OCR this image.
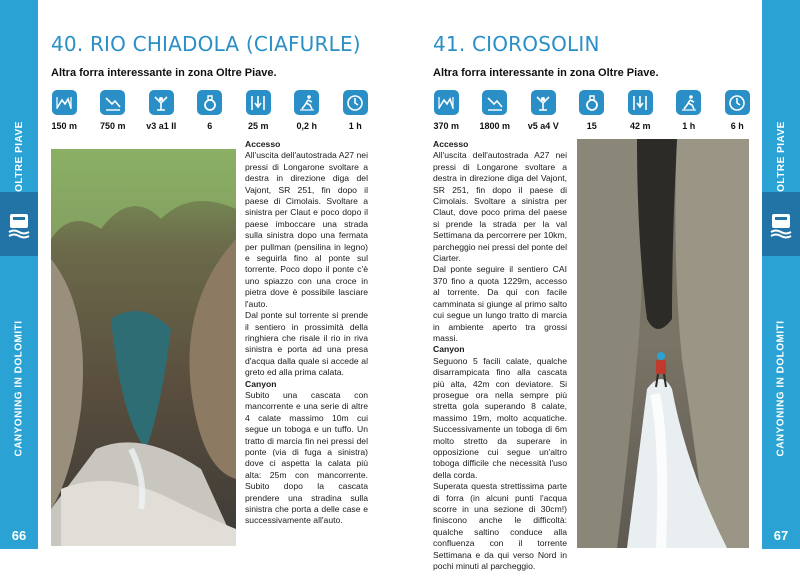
OLTRE PIAVE
CANYONING IN DOLOMITI
66
OLTRE PIAVE
CANYONING IN DOLOMITI
67
40. RIO CHIADOLA (CIAFURLE)
Altra forra interessante in zona Oltre Piave.
150 m	750 m v3 a1 II	6	25 m	0,2 h	1 h

Accesso

All'uscita dell'autostrada A27 nei pressi di Longarone svoltare a destra in direzione diga del Vajont, SR 251, fin dopo il paese di Cimolais. Svoltare a sinistra per Claut e poco dopo il paese imboccare una strada sulla sinistra dopo una fermata per pullman (pensilina in legno) e seguirla fino al ponte sul torrente. Poco dopo il ponte c'è uno spiazzo con una croce in pietra dove è possibile lasciare l'auto.

Dal ponte sul torrente si prende il sentiero in prossimità della ringhiera che risale il rio in riva sinistra e porta ad una presa d'acqua dalla quale si accede al greto ed alla prima calata.

Canyon

Subito una cascata con mancorrente e una serie di altre 4 calate massimo 10m cui segue un toboga e un tuffo. Un tratto di marcia fin nei pressi del ponte (via di fuga a sinistra) dove ci aspetta la calata più alta: 25m con mancorrente. Subito dopo la cascata prendere una stradina sulla sinistra che porta a delle case e successivamente all'auto.

41. CIOROSOLIN
Altra forra interessante in zona Oltre Piave.
370 m 1800 m v5 a4 V	15	42 m	1 h	6 h

Accesso

All'uscita dell'autostrada A27 nei pressi di Longarone svoltare a destra in direzione diga del Vajont, SR 251, fin dopo il paese di Cimolais. Svoltare a sinistra per Claut, dove poco prima del paese si prende la strada per la val Settimana da percorrere per 10km, parcheggio nei pressi del ponte del Ciarter.

Dal ponte seguire il sentiero CAI 370 fino a quota 1229m, accesso al torrente. Da qui con facile camminata si giunge al primo salto cui segue un lungo tratto di marcia in ambiente aperto tra grossi massi.

Canyon

Seguono 5 facili calate, qualche disarrampicata fino alla cascata più alta, 42m con deviatore. Si prosegue ora nella sempre più stretta gola superando 8 calate, massimo 19m, molto acquatiche. Successivamente un toboga di 6m molto stretto da superare in opposizione cui segue un'altro toboga difficile che necessità l'uso della corda.

Superata questa strettissima parte di forra (in alcuni punti l'acqua scorre in una sezione di 30cm!) finiscono anche le difficoltà: qualche saltino conduce alla confluenza con il torrente Settimana e da qui verso Nord in pochi minuti al parcheggio.
